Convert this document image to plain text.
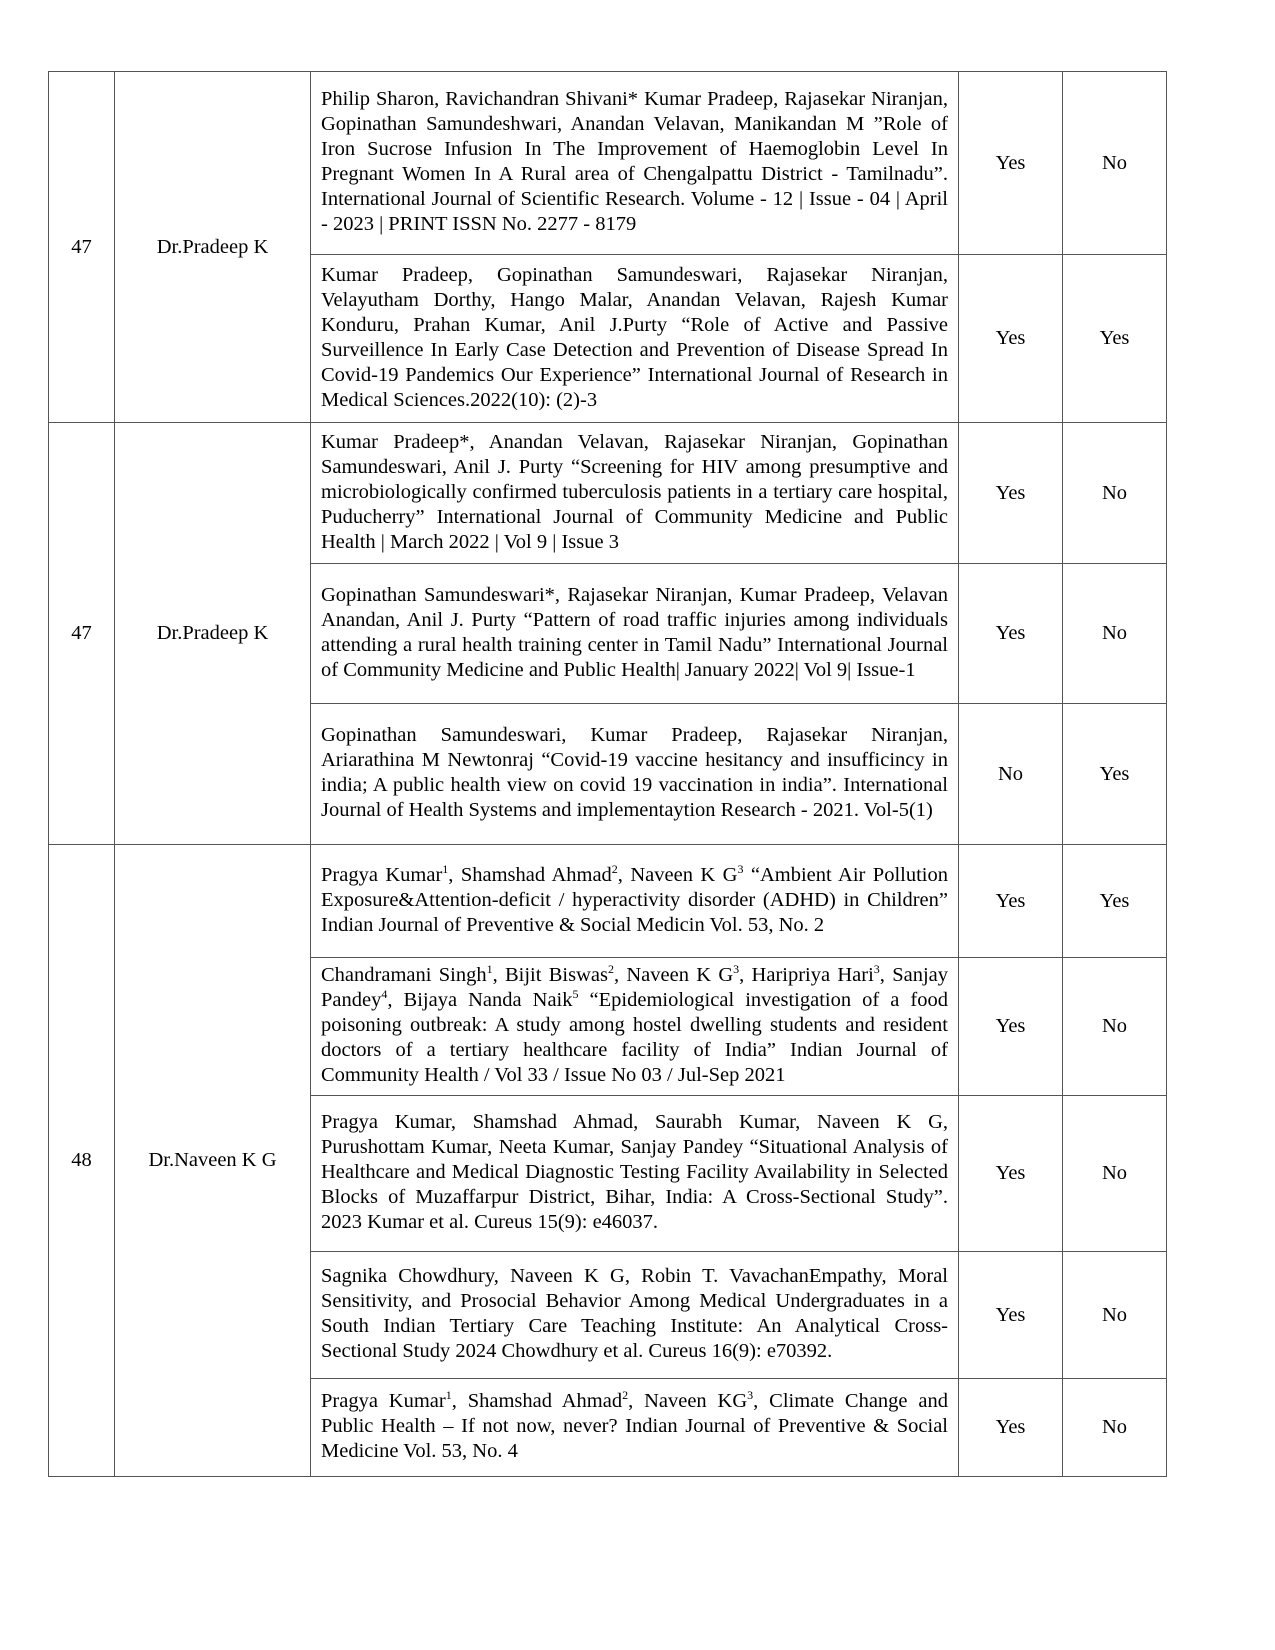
47	Dr.Pradeep K	Philip Sharon, Ravichandran Shivani* Kumar Pradeep, Rajasekar Niranjan, Gopinathan Samundeshwari, Anandan Velavan, Manikandan M ”Role of Iron Sucrose Infusion In The Improvement of Haemoglobin Level In Pregnant Women In A Rural area of Chengalpattu District - Tamilnadu”. International Journal of Scientific Research. Volume - 12 | Issue - 04 | April - 2023 | PRINT ISSN No. 2277 - 8179	Yes	No
		Kumar Pradeep, Gopinathan Samundeswari, Rajasekar Niranjan, Velayutham Dorthy, Hango Malar, Anandan Velavan, Rajesh Kumar Konduru, Prahan Kumar, Anil J.Purty “Role of Active and Passive Surveillence In Early Case Detection and Prevention of Disease Spread In Covid-19 Pandemics Our Experience” International Journal of Research in Medical Sciences.2022(10): (2)-3	Yes	Yes
47	Dr.Pradeep K	Kumar Pradeep*, Anandan Velavan, Rajasekar Niranjan, Gopinathan Samundeswari, Anil J. Purty “Screening for HIV among presumptive and microbiologically confirmed tuberculosis patients in a tertiary care hospital, Puducherry” International Journal of Community Medicine and Public Health | March 2022 | Vol 9 | Issue 3	Yes	No
		Gopinathan Samundeswari*, Rajasekar Niranjan, Kumar Pradeep, Velavan Anandan, Anil J. Purty “Pattern of road traffic injuries among individuals attending a rural health training center in Tamil Nadu” International Journal of Community Medicine and Public Health| January 2022| Vol 9| Issue-1	Yes	No
		Gopinathan Samundeswari, Kumar Pradeep, Rajasekar Niranjan, Ariarathina M Newtonraj “Covid-19 vaccine hesitancy and insufficincy in india; A public health view on covid 19 vaccination in india”. International Journal of Health Systems and implementaytion Research - 2021. Vol-5(1)	No	Yes
48	Dr.Naveen K G	Pragya Kumar$^1$, Shamshad Ahmad$^2$, Naveen K $G^3$ “Ambient Air Pollution Exposure&Attention-deficit / hyperactivity disorder (ADHD) in Children” Indian Journal of Preventive & Social Medicin Vol. 53, No. 2	Yes	Yes
		Chandramani Singh$^1$, Bijit Biswas$^2$, Naveen K $G^3$, Haripriya Hari$^3$, Sanjay Pandey$^4$, Bijaya Nanda Naik$^5$ “Epidemiological investigation of a food poisoning outbreak: A study among hostel dwelling students and resident doctors of a tertiary healthcare facility of India” Indian Journal of Community Health / Vol 33 / Issue No 03 / Jul-Sep 2021	Yes	No
		Pragya Kumar, Shamshad Ahmad, Saurabh Kumar, Naveen K G, Purushottam Kumar, Neeta Kumar, Sanjay Pandey “Situational Analysis of Healthcare and Medical Diagnostic Testing Facility Availability in Selected Blocks of Muzaffarpur District, Bihar, India: A Cross-Sectional Study”. 2023 Kumar et al. Cureus 15(9): e46037.	Yes	No
		Sagnika Chowdhury, Naveen K G, Robin T. VavachanEmpathy, Moral Sensitivity, and Prosocial Behavior Among Medical Undergraduates in a South Indian Tertiary Care Teaching Institute: An Analytical Cross-Sectional Study 2024 Chowdhury et al. Cureus 16(9): e70392.	Yes	No
		Pragya Kumar$^1$, Shamshad Ahmad$^2$, Naveen $KG^3$, Climate Change and Public Health – If not now, never? Indian Journal of Preventive & Social Medicine Vol. 53, No. 4	Yes	No
